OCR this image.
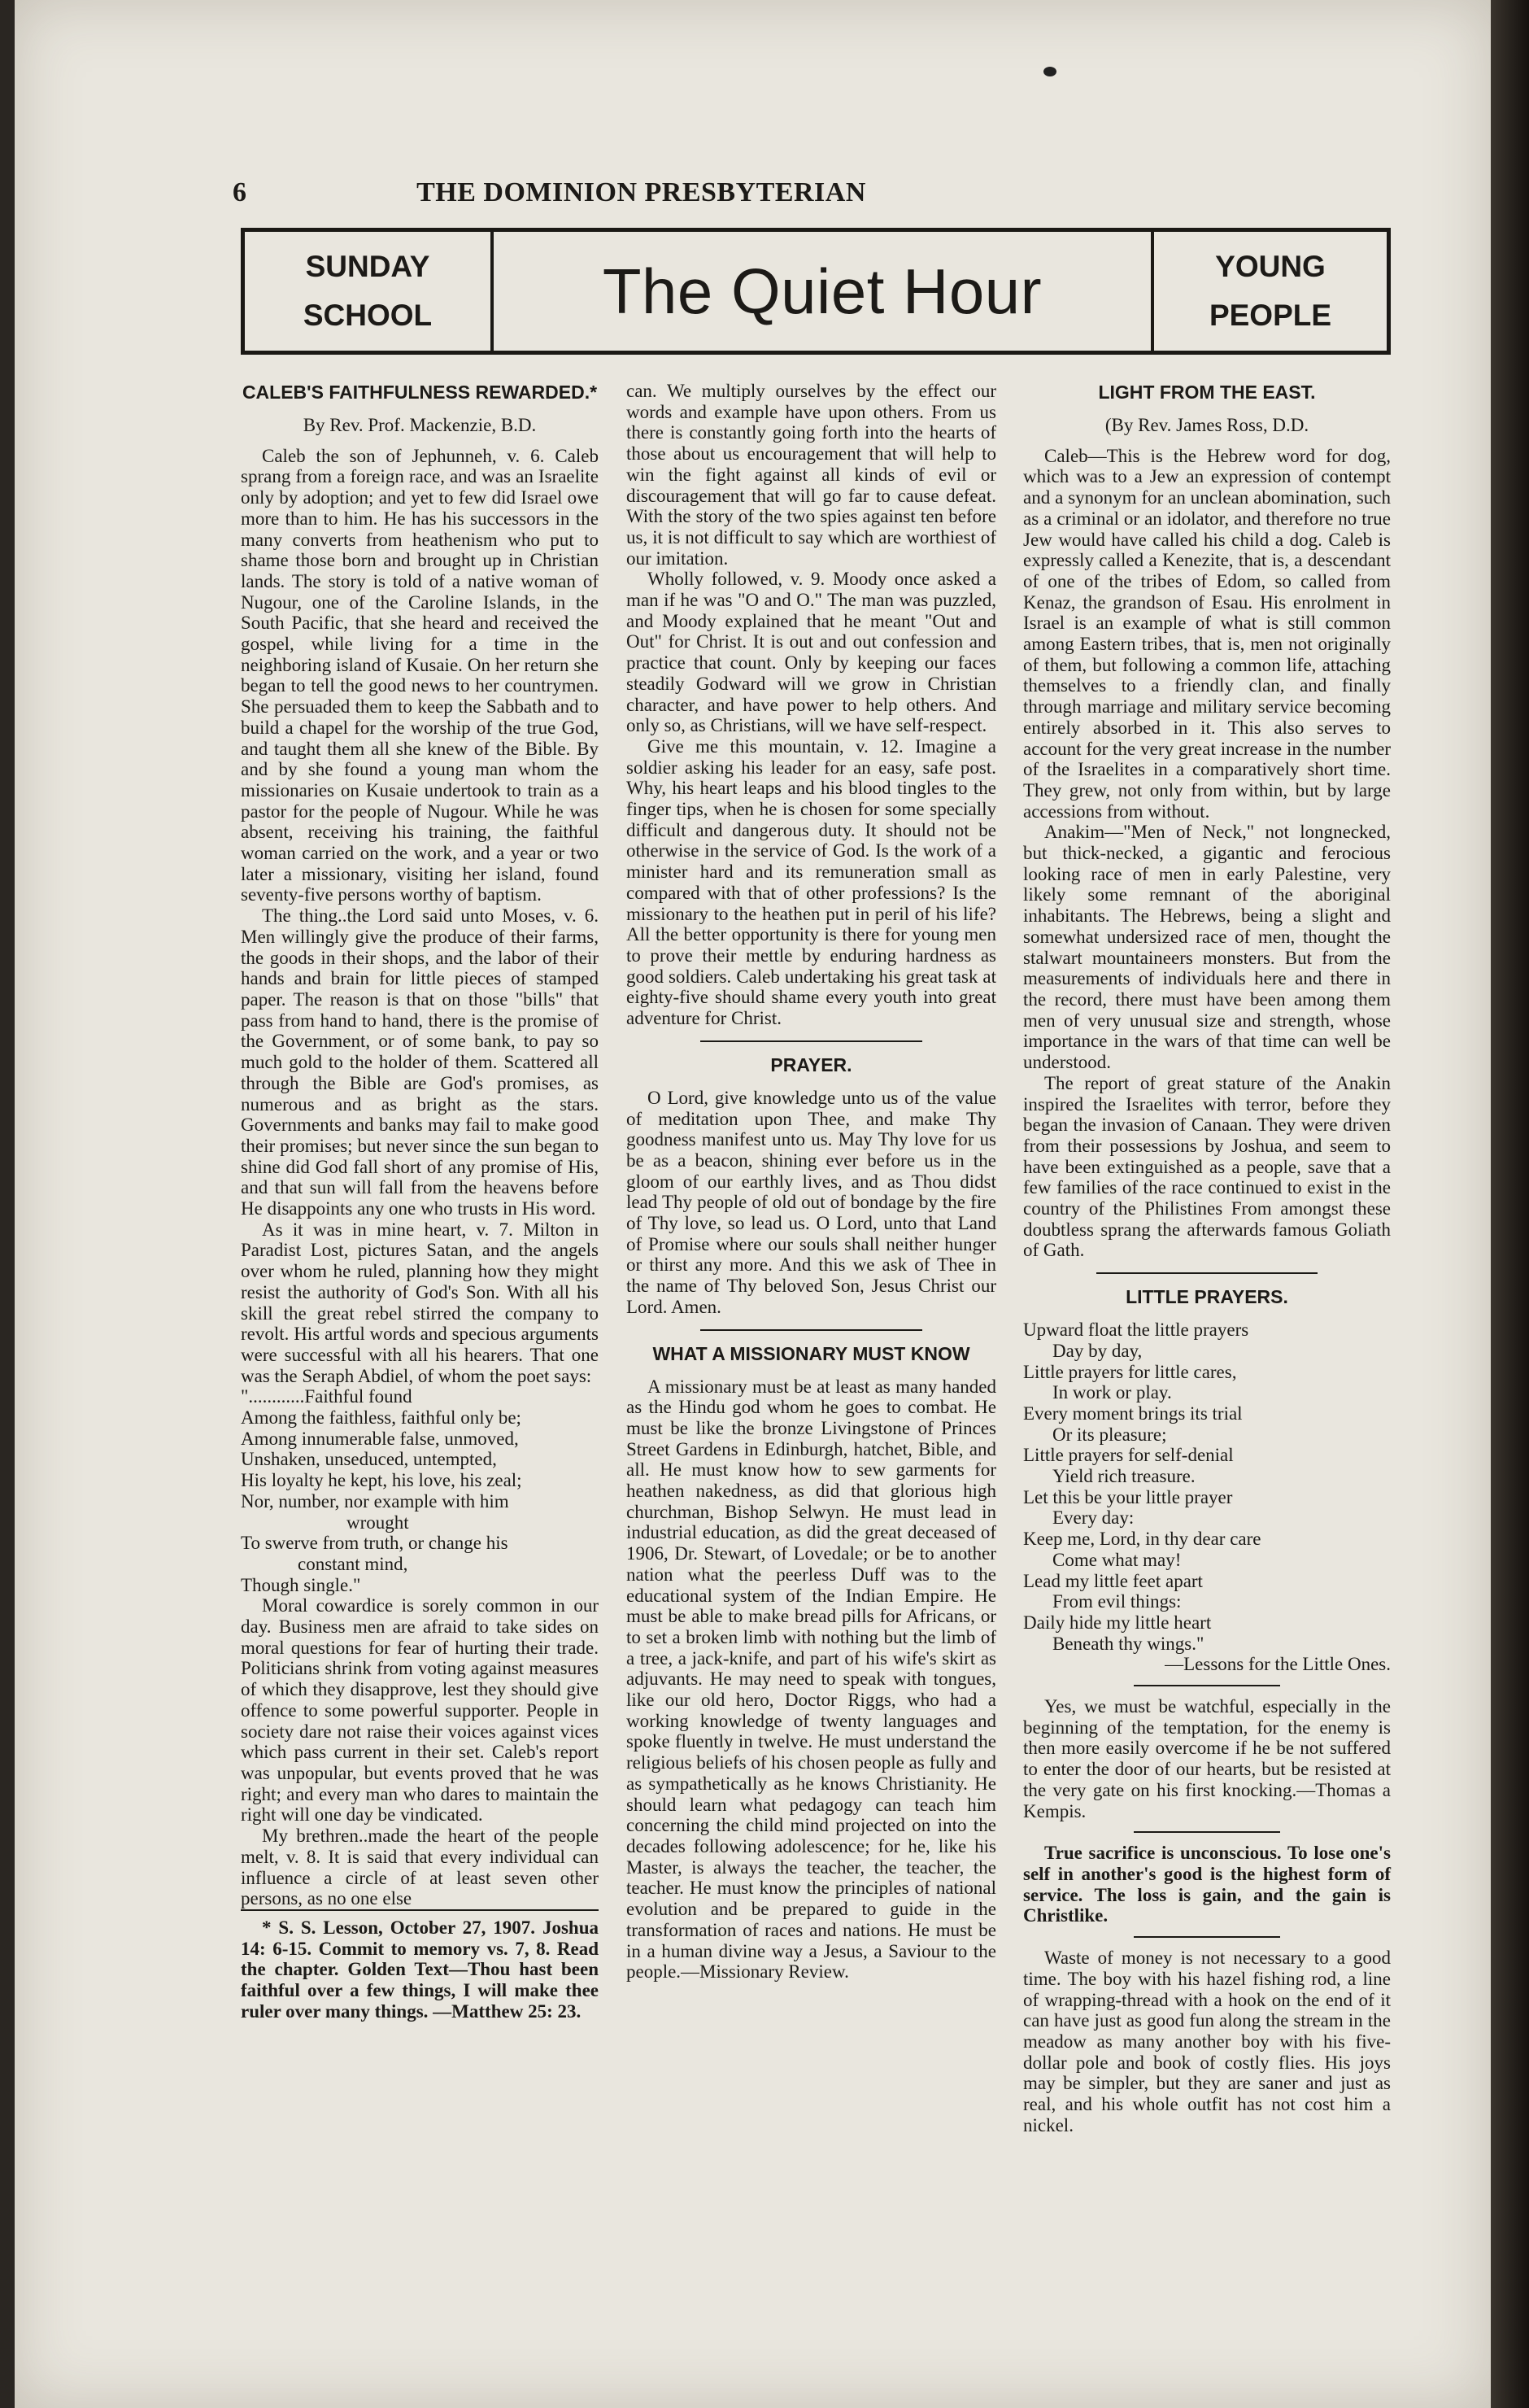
6	THE DOMINION PRESBYTERIAN
SUNDAY
SCHOOL	The Quiet Hour	YOUNG
PEOPLE
CALEB'S FAITHFULNESS REWARDED.*
By Rev. Prof. Mackenzie, B.D.

Caleb the son of Jephunneh, v. 6. Caleb sprang from a foreign race, and was an Israelite only by adoption; and yet to few did Israel owe more than to him. He has his successors in the many converts from heathenism who put to shame those born and brought up in Christian lands. The story is told of a native woman of Nugour, one of the Caroline Islands, in the South Pacific, that she heard and received the gospel, while living for a time in the neighboring island of Kusaie. On her return she began to tell the good news to her countrymen. She persuaded them to keep the Sabbath and to build a chapel for the worship of the true God, and taught them all she knew of the Bible. By and by she found a young man whom the missionaries on Kusaie undertook to train as a pastor for the people of Nugour. While he was absent, receiving his training, the faithful woman carried on the work, and a year or two later a missionary, visiting her island, found seventy-five persons worthy of baptism.

The thing..the Lord said unto Moses, v. 6. Men willingly give the produce of their farms, the goods in their shops, and the labor of their hands and brain for little pieces of stamped paper. The reason is that on those "bills" that pass from hand to hand, there is the promise of the Government, or of some bank, to pay so much gold to the holder of them. Scattered all through the Bible are God's promises, as numerous and as bright as the stars. Governments and banks may fail to make good their promises; but never since the sun began to shine did God fall short of any promise of His, and that sun will fall from the heavens before He disappoints any one who trusts in His word.

As it was in mine heart, v. 7. Milton in Paradist Lost, pictures Satan, and the angels over whom he ruled, planning how they might resist the authority of God's Son. With all his skill the great rebel stirred the company to revolt. His artful words and specious arguments were successful with all his hearers. That one was the Seraph Abdiel, of whom the poet says:

"............Faithful found
Among the faithless, faithful only be;
Among innumerable false, unmoved,
Unshaken, unseduced, untempted,
His loyalty he kept, his love, his zeal;
Nor, number, nor example with him
wrought
To swerve from truth, or change his
constant mind,
Though single."

Moral cowardice is sorely common in our day. Business men are afraid to take sides on moral questions for fear of hurting their trade. Politicians shrink from voting against measures of which they disapprove, lest they should give offence to some powerful supporter. People in society dare not raise their voices against vices which pass current in their set. Caleb's report was unpopular, but events proved that he was right; and every man who dares to maintain the right will one day be vindicated.

My brethren..made the heart of the people melt, v. 8. It is said that every individual can influence a circle of at least seven other persons, as no one else

* S. S. Lesson, October 27, 1907. Joshua 14: 6-15. Commit to memory vs. 7, 8. Read the chapter. Golden Text—Thou hast been faithful over a few things, I will make thee ruler over many things. —Matthew 25: 23.

can. We multiply ourselves by the effect our words and example have upon others. From us there is constantly going forth into the hearts of those about us encouragement that will help to win the fight against all kinds of evil or discouragement that will go far to cause defeat. With the story of the two spies against ten before us, it is not difficult to say which are worthiest of our imitation.

Wholly followed, v. 9. Moody once asked a man if he was "O and O." The man was puzzled, and Moody explained that he meant "Out and Out" for Christ. It is out and out confession and practice that count. Only by keeping our faces steadily Godward will we grow in Christian character, and have power to help others. And only so, as Christians, will we have self-respect.

Give me this mountain, v. 12. Imagine a soldier asking his leader for an easy, safe post. Why, his heart leaps and his blood tingles to the finger tips, when he is chosen for some specially difficult and dangerous duty. It should not be otherwise in the service of God. Is the work of a minister hard and its remuneration small as compared with that of other professions? Is the missionary to the heathen put in peril of his life? All the better opportunity is there for young men to prove their mettle by enduring hardness as good soldiers. Caleb undertaking his great task at eighty-five should shame every youth into great adventure for Christ.

PRAYER.

O Lord, give knowledge unto us of the value of meditation upon Thee, and make Thy goodness manifest unto us. May Thy love for us be as a beacon, shining ever before us in the gloom of our earthly lives, and as Thou didst lead Thy people of old out of bondage by the fire of Thy love, so lead us. O Lord, unto that Land of Promise where our souls shall neither hunger or thirst any more. And this we ask of Thee in the name of Thy beloved Son, Jesus Christ our Lord. Amen.

WHAT A MISSIONARY MUST KNOW

A missionary must be at least as many handed as the Hindu god whom he goes to combat. He must be like the bronze Livingstone of Princes Street Gardens in Edinburgh, hatchet, Bible, and all. He must know how to sew garments for heathen nakedness, as did that glorious high churchman, Bishop Selwyn. He must lead in industrial education, as did the great deceased of 1906, Dr. Stewart, of Lovedale; or be to another nation what the peerless Duff was to the educational system of the Indian Empire. He must be able to make bread pills for Africans, or to set a broken limb with nothing but the limb of a tree, a jack-knife, and part of his wife's skirt as adjuvants. He may need to speak with tongues, like our old hero, Doctor Riggs, who had a working knowledge of twenty languages and spoke fluently in twelve. He must understand the religious beliefs of his chosen people as fully and as sympathetically as he knows Christianity. He should learn what pedagogy can teach him concerning the child mind projected on into the decades following adolescence; for he, like his Master, is always the teacher, the teacher, the teacher. He must know the principles of national evolution and be prepared to guide in the transformation of races and nations. He must be in a human divine way a Jesus, a Saviour to the people.—Missionary Review.

LIGHT FROM THE EAST.
(By Rev. James Ross, D.D.

Caleb—This is the Hebrew word for dog, which was to a Jew an expression of contempt and a synonym for an unclean abomination, such as a criminal or an idolator, and therefore no true Jew would have called his child a dog. Caleb is expressly called a Kenezite, that is, a descendant of one of the tribes of Edom, so called from Kenaz, the grandson of Esau. His enrolment in Israel is an example of what is still common among Eastern tribes, that is, men not originally of them, but following a common life, attaching themselves to a friendly clan, and finally through marriage and military service becoming entirely absorbed in it. This also serves to account for the very great increase in the number of the Israelites in a comparatively short time. They grew, not only from within, but by large accessions from without.

Anakim—"Men of Neck," not longnecked, but thick-necked, a gigantic and ferocious looking race of men in early Palestine, very likely some remnant of the aboriginal inhabitants. The Hebrews, being a slight and somewhat undersized race of men, thought the stalwart mountaineers monsters. But from the measurements of individuals here and there in the record, there must have been among them men of very unusual size and strength, whose importance in the wars of that time can well be understood.

The report of great stature of the Anakin inspired the Israelites with terror, before they began the invasion of Canaan. They were driven from their possessions by Joshua, and seem to have been extinguished as a people, save that a few families of the race continued to exist in the country of the Philistines From amongst these doubtless sprang the afterwards famous Goliath of Gath.

LITTLE PRAYERS.
Upward float the little prayers
Day by day,
Little prayers for little cares,
In work or play.
Every moment brings its trial
Or its pleasure;
Little prayers for self-denial
Yield rich treasure.
Let this be your little prayer
Every day:
Keep me, Lord, in thy dear care
Come what may!
Lead my little feet apart
From evil things:
Daily hide my little heart
Beneath thy wings."
—Lessons for the Little Ones.

Yes, we must be watchful, especially in the beginning of the temptation, for the enemy is then more easily overcome if he be not suffered to enter the door of our hearts, but be resisted at the very gate on his first knocking.—Thomas a Kempis.

True sacrifice is unconscious. To lose one's self in another's good is the highest form of service. The loss is gain, and the gain is Christlike.

Waste of money is not necessary to a good time. The boy with his hazel fishing rod, a line of wrapping-thread with a hook on the end of it can have just as good fun along the stream in the meadow as many another boy with his five-dollar pole and book of costly flies. His joys may be simpler, but they are saner and just as real, and his whole outfit has not cost him a nickel.
